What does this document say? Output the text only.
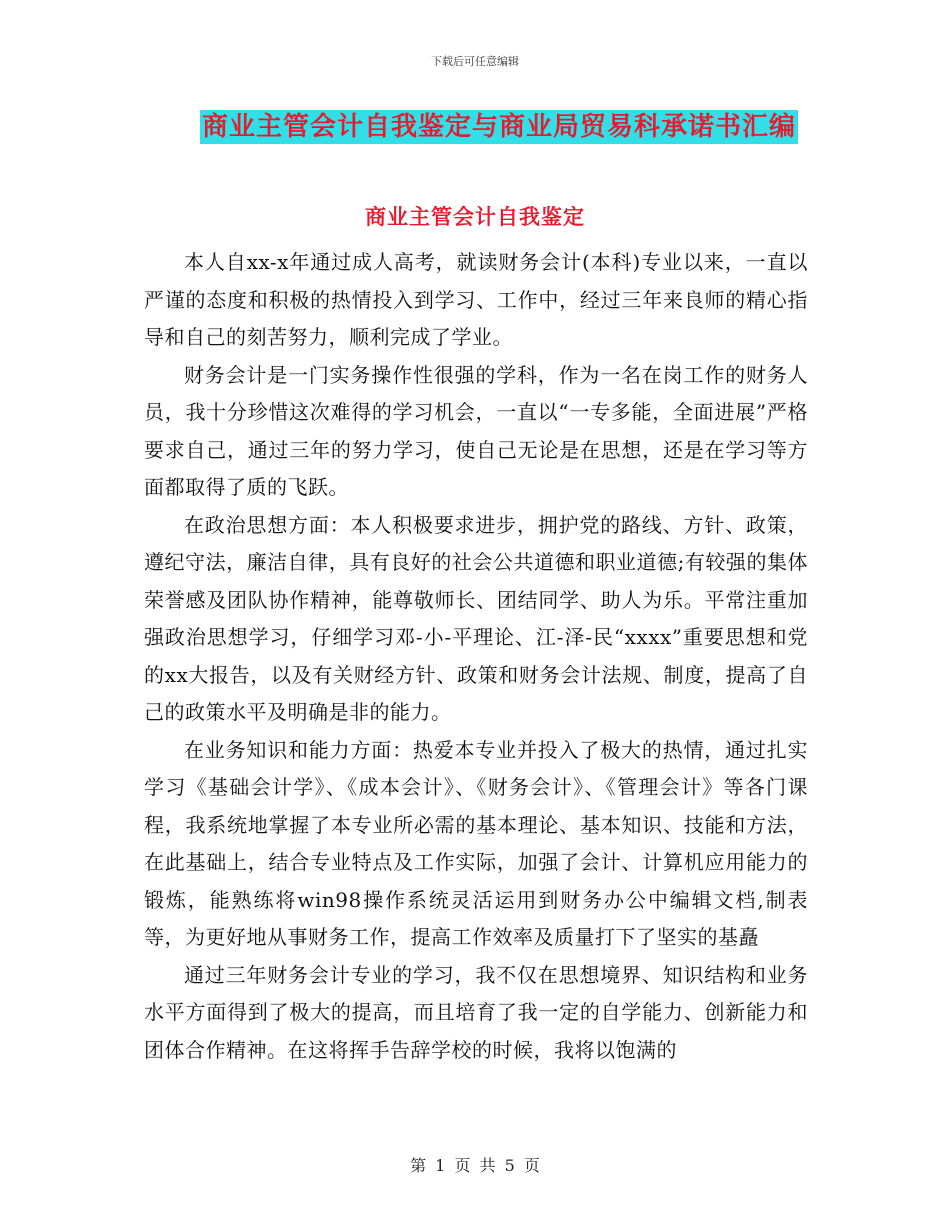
下载后可任意编辑
商业主管会计自我鉴定与商业局贸易科承诺书汇编
商业主管会计自我鉴定

本人自xx-x年通过成人高考，就读财务会计(本科)专业以来，一直以严谨的态度和积极的热情投入到学习、工作中，经过三年来良师的精心指导和自己的刻苦努力，顺利完成了学业。

财务会计是一门实务操作性很强的学科，作为一名在岗工作的财务人员，我十分珍惜这次难得的学习机会，一直以“一专多能，全面进展”严格要求自己，通过三年的努力学习，使自己无论是在思想，还是在学习等方面都取得了质的飞跃。

在政治思想方面：本人积极要求进步，拥护党的路线、方针、政策，遵纪守法，廉洁自律，具有良好的社会公共道德和职业道德;有较强的集体荣誉感及团队协作精神，能尊敬师长、团结同学、助人为乐。平常注重加强政治思想学习，仔细学习邓-小-平理论、江-泽-民“xxxx”重要思想和党的xx大报告，以及有关财经方针、政策和财务会计法规、制度，提高了自己的政策水平及明确是非的能力。

在业务知识和能力方面：热爱本专业并投入了极大的热情，通过扎实学习《基础会计学》、《成本会计》、《财务会计》、《管理会计》等各门课程，我系统地掌握了本专业所必需的基本理论、基本知识、技能和方法，在此基础上，结合专业特点及工作实际，加强了会计、计算机应用能力的锻炼，能熟练将win98操作系统灵活运用到财务办公中编辑文档,制表等，为更好地从事财务工作，提高工作效率及质量打下了坚实的基矗

通过三年财务会计专业的学习，我不仅在思想境界、知识结构和业务水平方面得到了极大的提高，而且培育了我一定的自学能力、创新能力和团体合作精神。在这将挥手告辞学校的时候，我将以饱满的

第 1 页 共 5 页
